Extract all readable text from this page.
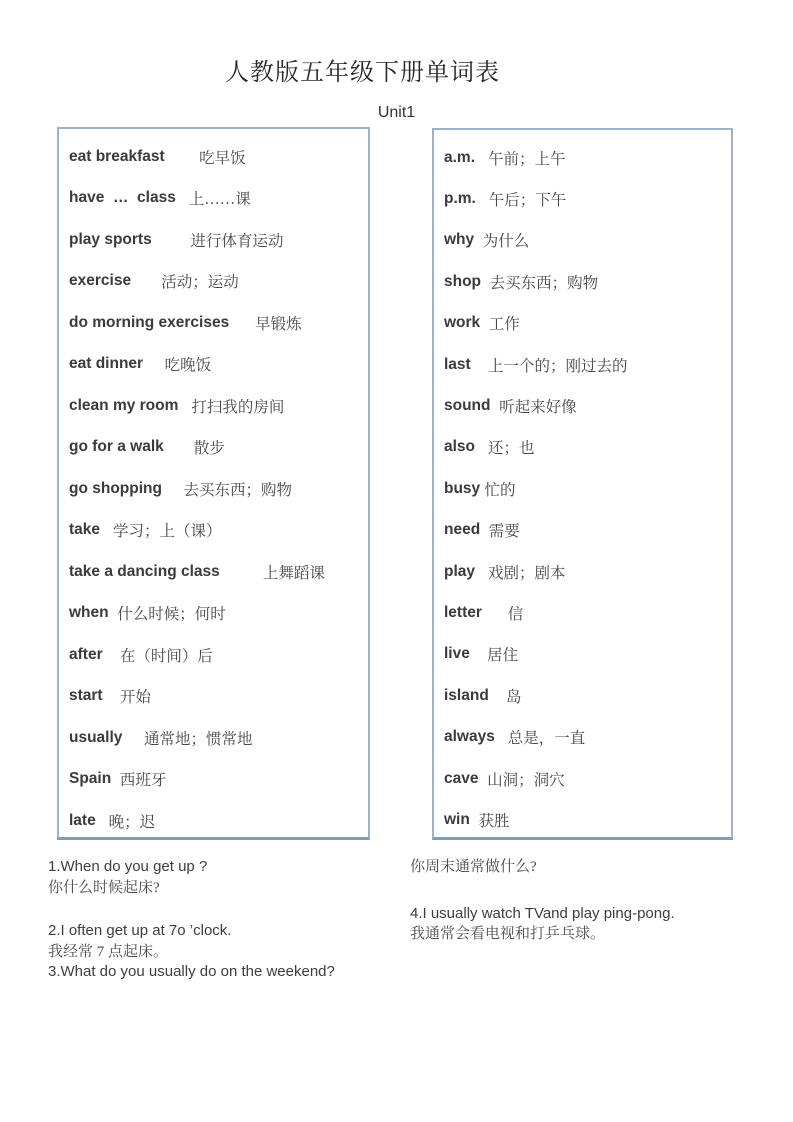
人教版五年级下册单词表
Unit1
eat breakfast 吃早饭
have  …  class 上……课
play sports 进行体育运动
exercise 活动；运动
do morning exercises 早锻炼
eat dinner 吃晚饭
clean my room 打扫我的房间
go for a walk 散步
go shopping 去买东西；购物
take 学习；上（课）
take a dancing class 上舞蹈课
when 什么时候；何时
after 在（时间）后
start 开始
usually 通常地；惯常地
Spain 西班牙
late 晚；迟
a.m. 午前；上午
p.m. 午后；下午
why 为什么
shop 去买东西；购物
work 工作
last 上一个的；刚过去的
sound 听起来好像
also 还；也
busy 忙的
need 需要
play 戏剧；剧本
letter 信
live 居住
island 岛
always 总是，一直
cave 山洞；洞穴
win 获胜
1.When do you get up ?
你什么时候起床?
2.I often get up at 7o ’clock.
我经常 7 点起床。
3.What do you usually do on the weekend?
你周末通常做什么?
4.I usually watch TVand play ping-pong.
我通常会看电视和打乒乓球。
